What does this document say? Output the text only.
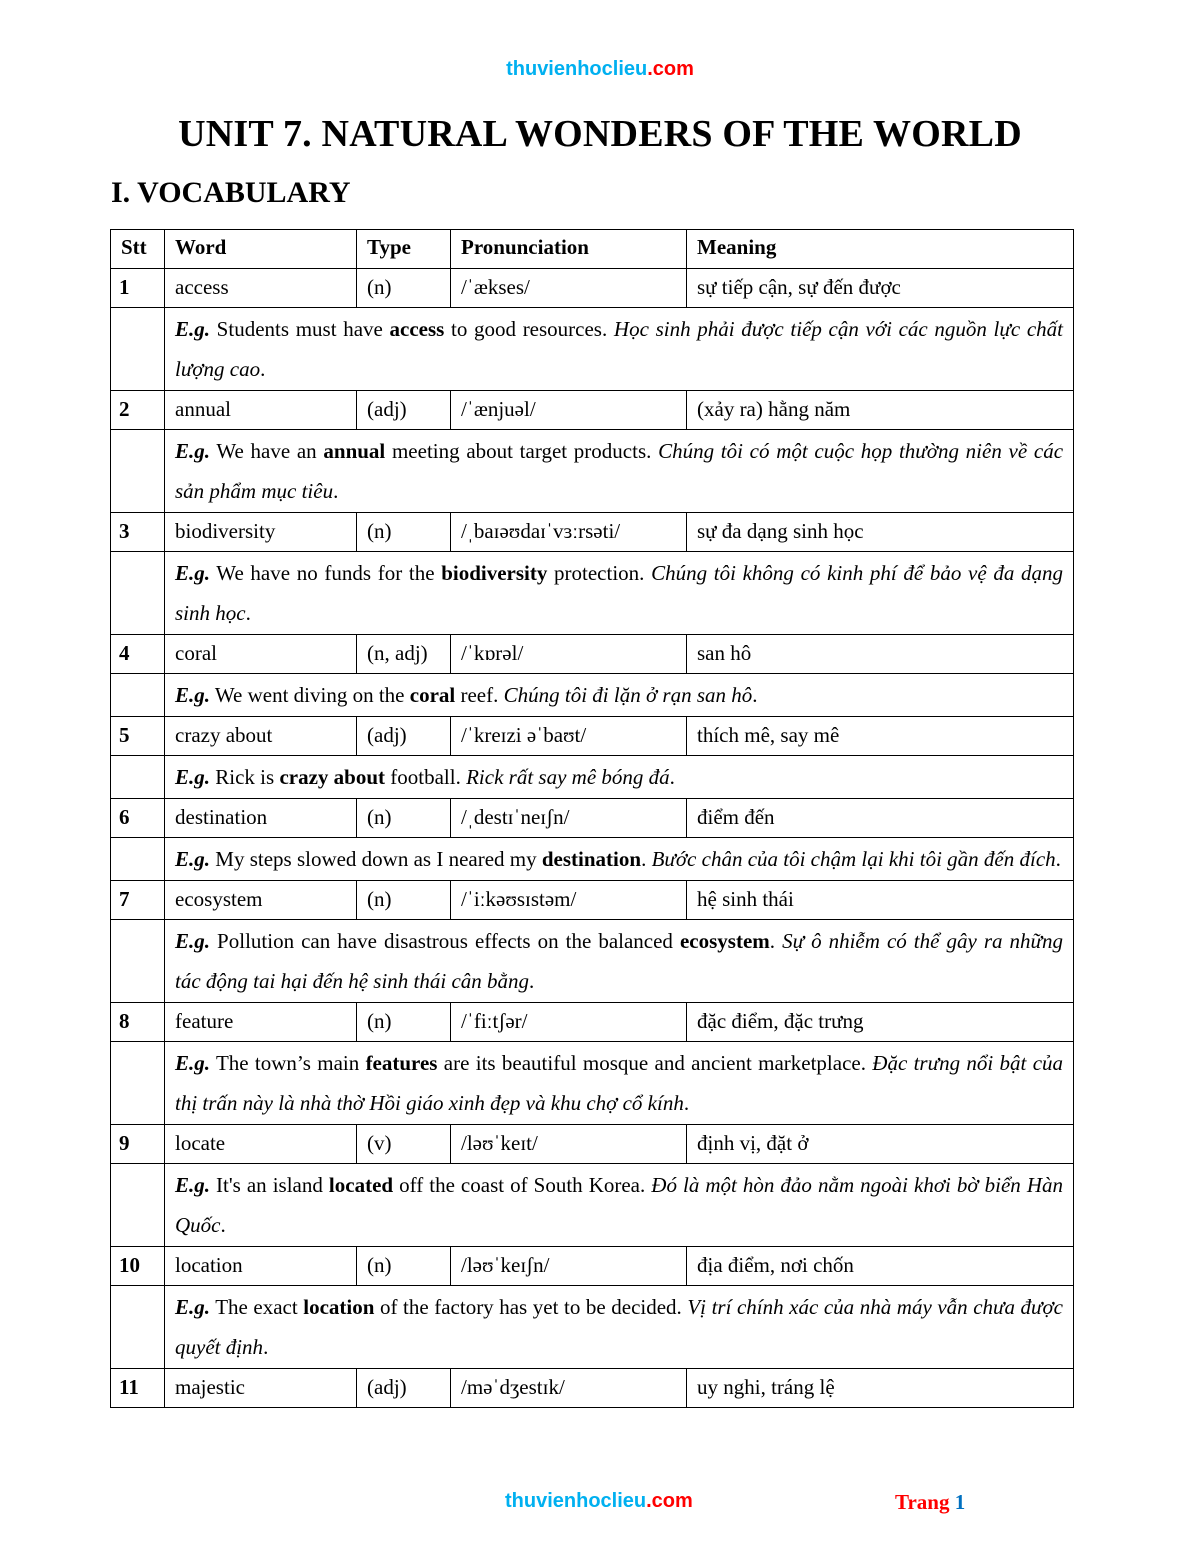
thuvienhoclieu.com
UNIT 7. NATURAL WONDERS OF THE WORLD
I. VOCABULARY
Stt	Word	Type	Pronunciation	Meaning
1	access	(n)	/ˈækses/	sự tiếp cận, sự đến được
	E.g. Students must have access to good resources. Học sinh phải được tiếp cận với các nguồn lực chất lượng cao.			
2	annual	(adj)	/ˈænjuəl/	(xảy ra) hằng năm
	E.g. We have an annual meeting about target products. Chúng tôi có một cuộc họp thường niên về các sản phẩm mục tiêu.			
3	biodiversity	(n)	/ˌbaɪəʊdaɪˈvɜːrsəti/	sự đa dạng sinh học
	E.g. We have no funds for the biodiversity protection. Chúng tôi không có kinh phí để bảo vệ đa dạng sinh học.			
4	coral	(n, adj)	/ˈkɒrəl/	san hô
	E.g. We went diving on the coral reef. Chúng tôi đi lặn ở rạn san hô.			
5	crazy about	(adj)	/ˈkreɪzi əˈbaʊt/	thích mê, say mê
	E.g. Rick is crazy about football. Rick rất say mê bóng đá.			
6	destination	(n)	/ˌdestɪˈneɪʃn/	điểm đến
	E.g. My steps slowed down as I neared my destination. Bước chân của tôi chậm lại khi tôi gần đến đích.			
7	ecosystem	(n)	/ˈiːkəʊsɪstəm/	hệ sinh thái
	E.g. Pollution can have disastrous effects on the balanced ecosystem. Sự ô nhiễm có thể gây ra những tác động tai hại đến hệ sinh thái cân bằng.			
8	feature	(n)	/ˈfiːtʃər/	đặc điểm, đặc trưng
	E.g. The town’s main features are its beautiful mosque and ancient marketplace. Đặc trưng nổi bật của thị trấn này là nhà thờ Hồi giáo xinh đẹp và khu chợ cổ kính.			
9	locate	(v)	/ləʊˈkeɪt/	định vị, đặt ở
	E.g. It's an island located off the coast of South Korea. Đó là một hòn đảo nằm ngoài khơi bờ biển Hàn Quốc.			
10	location	(n)	/ləʊˈkeɪʃn/	địa điểm, nơi chốn
	E.g. The exact location of the factory has yet to be decided. Vị trí chính xác của nhà máy vẫn chưa được quyết định.			
11	majestic	(adj)	/məˈdʒestɪk/	uy nghi, tráng lệ
thuvienhoclieu.com	Trang 1
